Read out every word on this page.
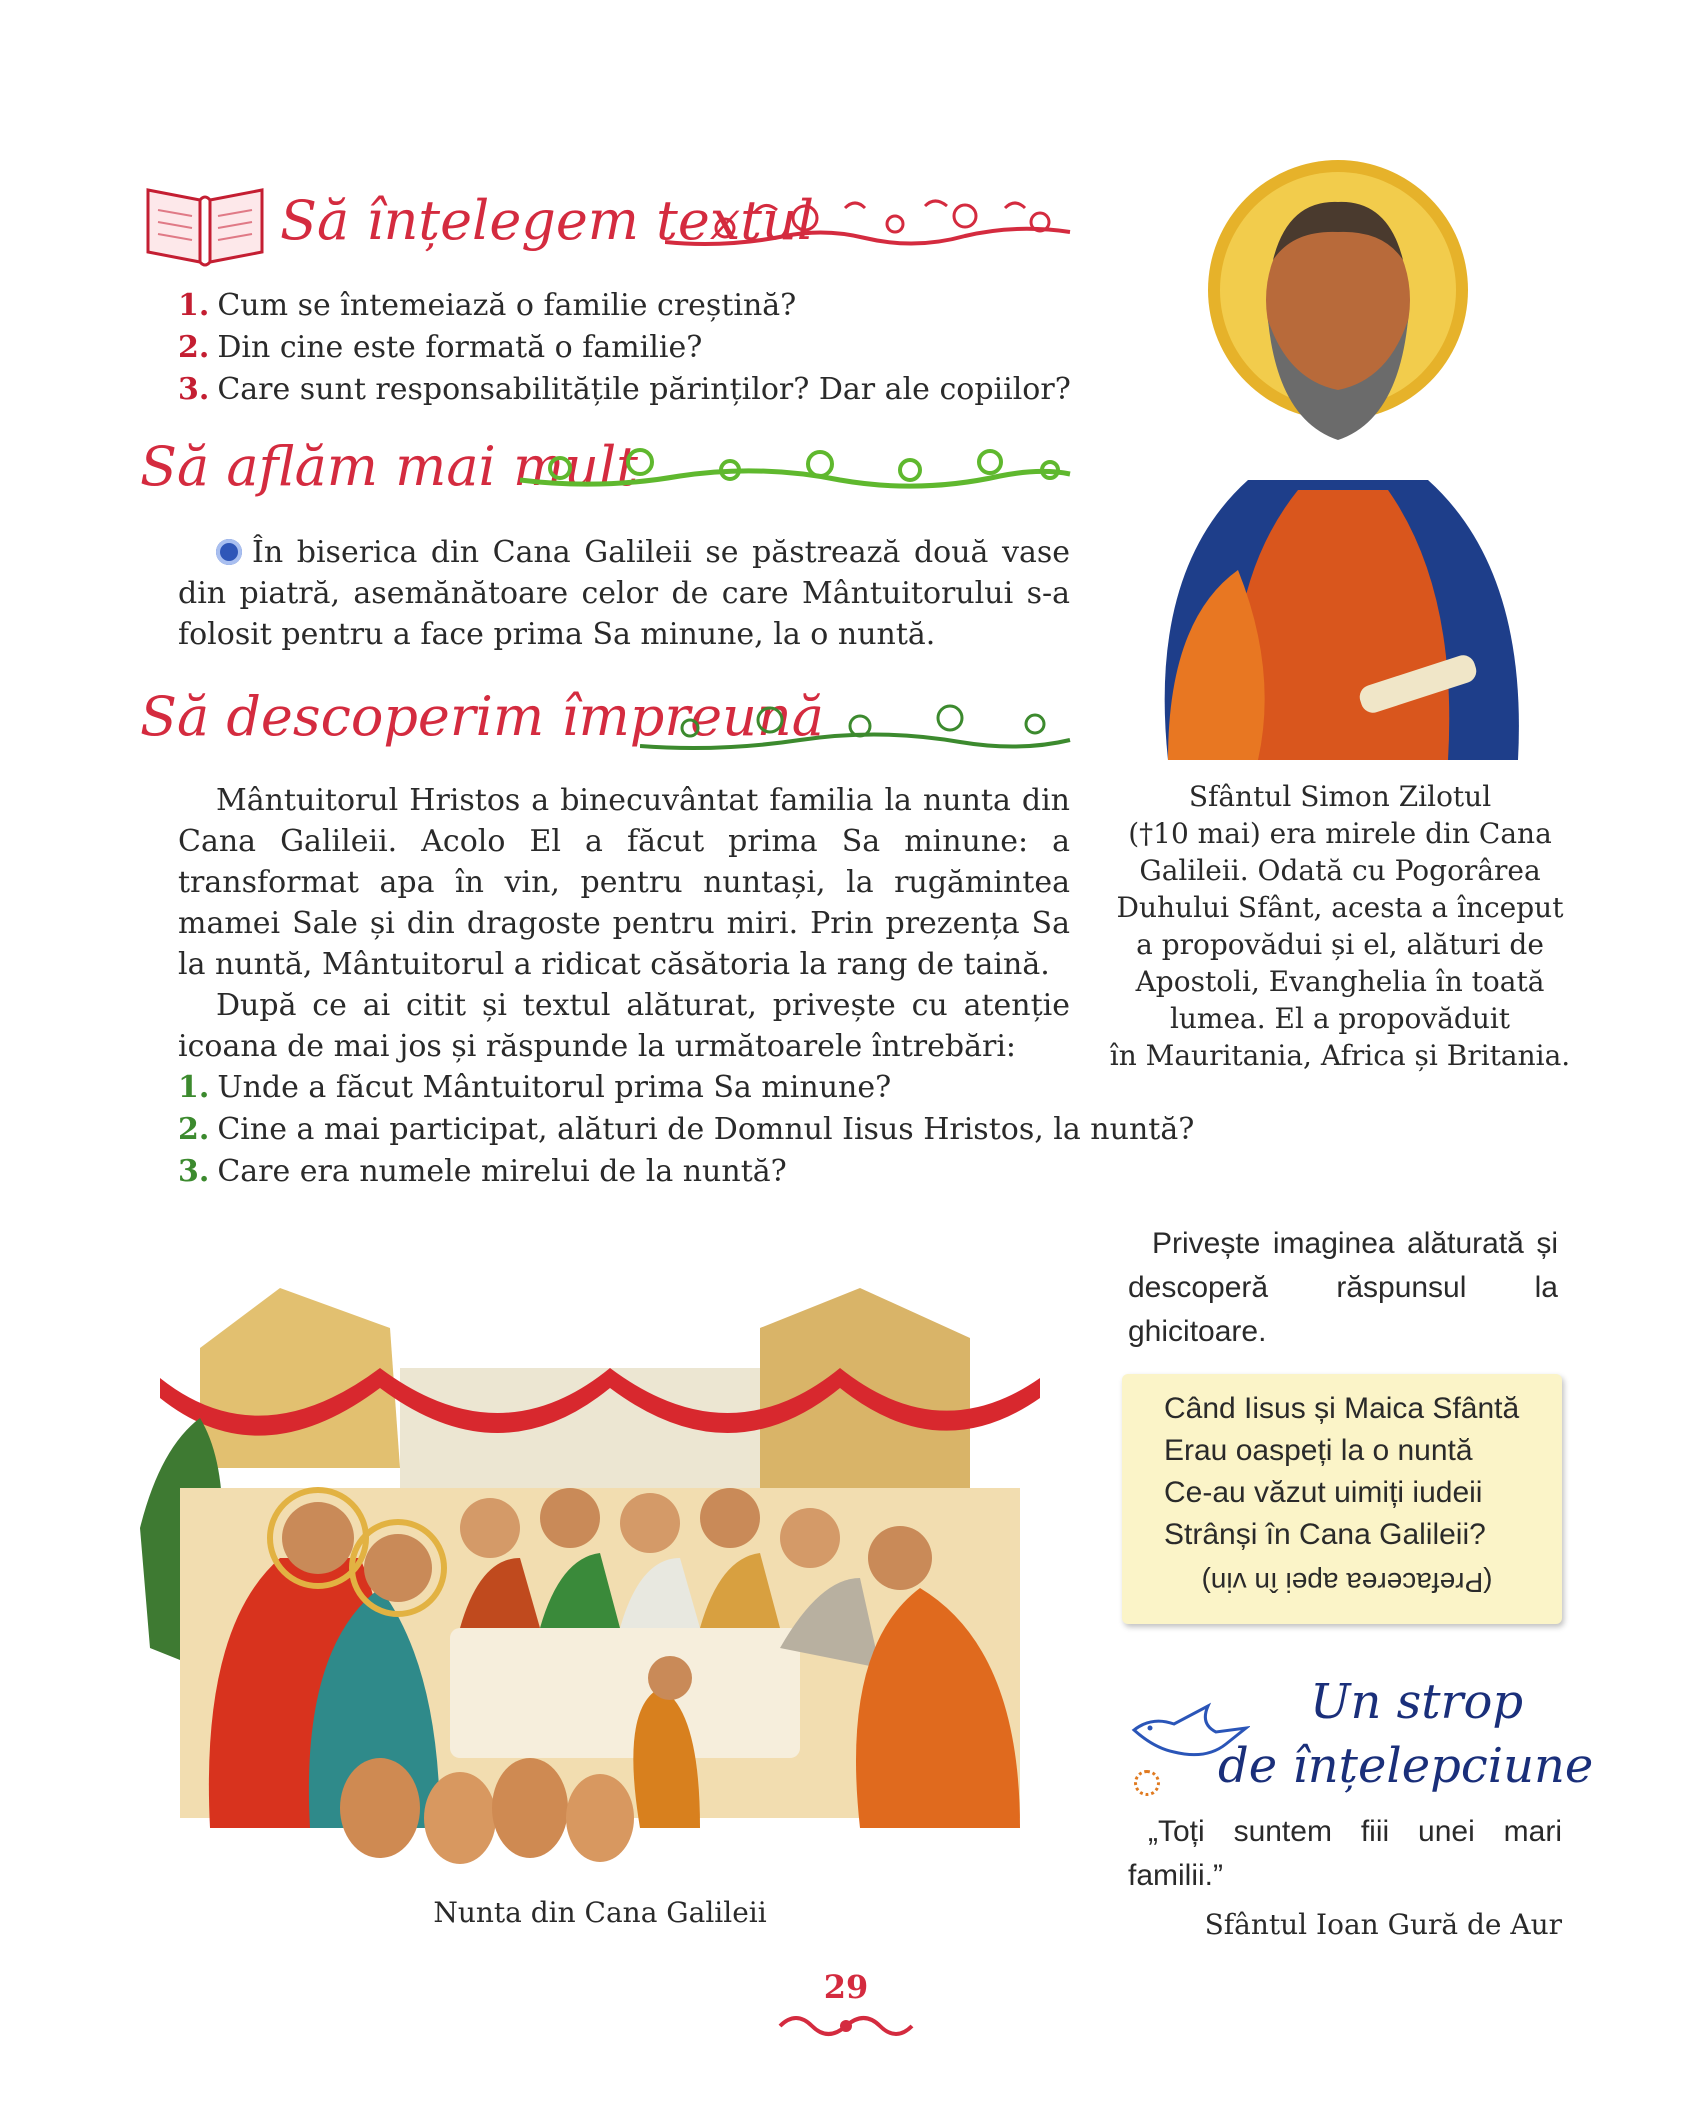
Să înțelegem textul
1. Cum se întemeiază o familie creștină?
2. Din cine este formată o familie?
3. Care sunt responsabilitățile părinților? Dar ale copiilor?
Să aflăm mai mult
În biserica din Cana Galileii se păstrează două vase din piatră, asemănătoare celor de care Mântuitorului s-a folosit pentru a face prima Sa minune, la o nuntă.
Să descoperim împreună
Mântuitorul Hristos a binecuvântat familia la nunta din Cana Galileii. Acolo El a făcut prima Sa minune: a transformat apa în vin, pentru nuntași, la rugămintea mamei Sale și din dragoste pentru miri. Prin prezența Sa la nuntă, Mântuitorul a ridicat căsătoria la rang de taină.
După ce ai citit și textul alăturat, privește cu atenție icoana de mai jos și răspunde la următoarele întrebări:
1. Unde a făcut Mântuitorul prima Sa minune?
2. Cine a mai participat, alături de Domnul Iisus Hristos, la nuntă?
3. Care era numele mirelui de la nuntă?
Sfântul Simon Zilotul
(†10 mai) era mirele din Cana
Galileii. Odată cu Pogorârea
Duhului Sfânt, acesta a început
a propovădui și el, alături de
Apostoli, Evanghelia în toată
lumea. El a propovăduit
în Mauritania, Africa și Britania.
Privește imaginea alăturată și descoperă răspunsul la ghicitoare.
Când Iisus și Maica Sfântă
Erau oaspeți la o nuntă
Ce-au văzut uimiți iudeii
Strânși în Cana Galileii?
(Prefacerea apei în vin)
Nunta din Cana Galileii
Un strop
de înțelepciune
„Toți suntem fiii unei mari familii.”
Sfântul Ioan Gură de Aur
29
